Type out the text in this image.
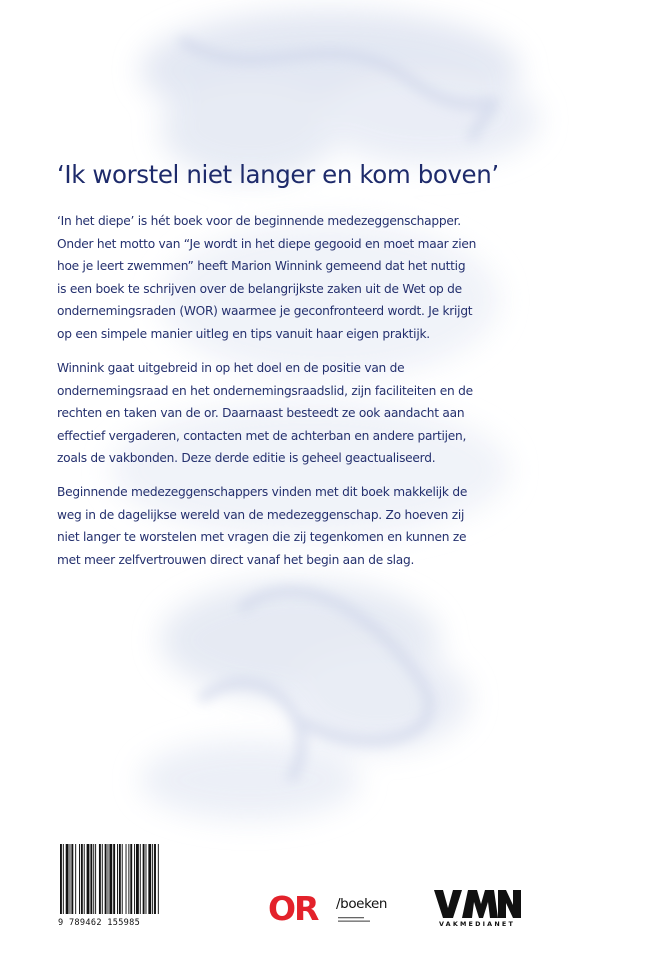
‘Ik worstel niet langer en kom boven’
‘In het diepe’ is hét boek voor de beginnende medezeggenschapper.
Onder het motto van “Je wordt in het diepe gegooid en moet maar zien
hoe je leert zwemmen” heeft Marion Winnink gemeend dat het nuttig
is een boek te schrijven over de belangrijkste zaken uit de Wet op de
ondernemingsraden (WOR) waarmee je geconfronteerd wordt. Je krijgt
op een simpele manier uitleg en tips vanuit haar eigen praktijk.
Winnink gaat uitgebreid in op het doel en de positie van de
ondernemingsraad en het ondernemingsraadslid, zijn faciliteiten en de
rechten en taken van de or. Daarnaast besteedt ze ook aandacht aan
effectief vergaderen, contacten met de achterban en andere partijen,
zoals de vakbonden. Deze derde editie is geheel geactualiseerd.
Beginnende medezeggenschappers vinden met dit boek makkelijk de
weg in de dagelijkse wereld van de medezeggenschap. Zo hoeven zij
niet langer te worstelen met vragen die zij tegenkomen en kunnen ze
met meer zelfvertrouwen direct vanaf het begin aan de slag.
9 789462 155985	OR /boeken	VMN
VAKMEDIANET
